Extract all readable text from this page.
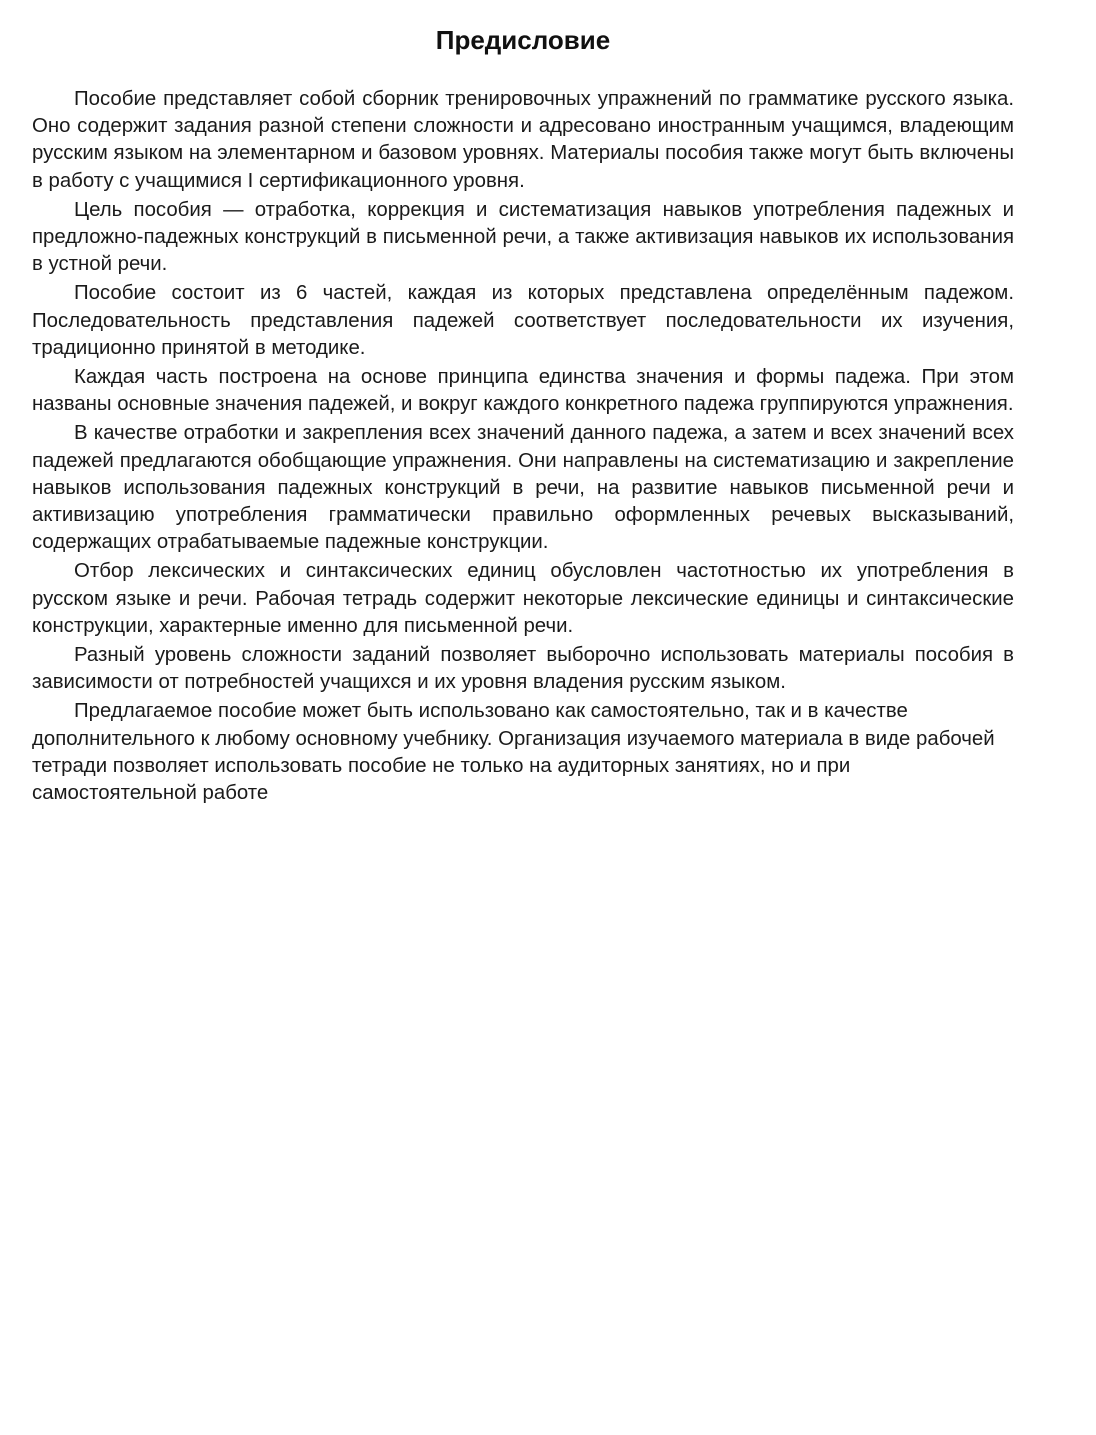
Предисловие

Пособие представляет собой сборник тренировочных упражнений по грамматике русского языка. Оно содержит задания разной степени сложности и адресовано иностранным учащимся, владеющим русским языком на элементарном и базовом уровнях. Материалы пособия также могут быть включены в работу с учащимися I сертификационного уровня.

Цель пособия — отработка, коррекция и систематизация навыков употребления падежных и предложно-падежных конструкций в письменной речи, а также активизация навыков их использования в устной речи.

Пособие состоит из 6 частей, каждая из которых представлена определённым падежом. Последовательность представления падежей соответствует последовательности их изучения, традиционно принятой в методике.

Каждая часть построена на основе принципа единства значения и формы падежа. При этом названы основные значения падежей, и вокруг каждого конкретного падежа группируются упражнения.

В качестве отработки и закрепления всех значений данного падежа, а затем и всех значений всех падежей предлагаются обобщающие упражнения. Они направлены на систематизацию и закрепление навыков использования падежных конструкций в речи, на развитие навыков письменной речи и активизацию употребления грамматически правильно оформленных речевых высказываний, содержащих отрабатываемые падежные конструкции.

Отбор лексических и синтаксических единиц обусловлен частотностью их употребления в русском языке и речи. Рабочая тетрадь содержит некоторые лексические единицы и синтаксические конструкции, характерные именно для письменной речи.

Разный уровень сложности заданий позволяет выборочно использовать материалы пособия в зависимости от потребностей учащихся и их уровня владения русским языком.

Предлагаемое пособие может быть использовано как самостоятельно, так и в качестве дополнительного к любому основному учебнику. Организация изучаемого материала в виде рабочей тетради позволяет использовать пособие не только на аудиторных занятиях, но и при самостоятельной работе
